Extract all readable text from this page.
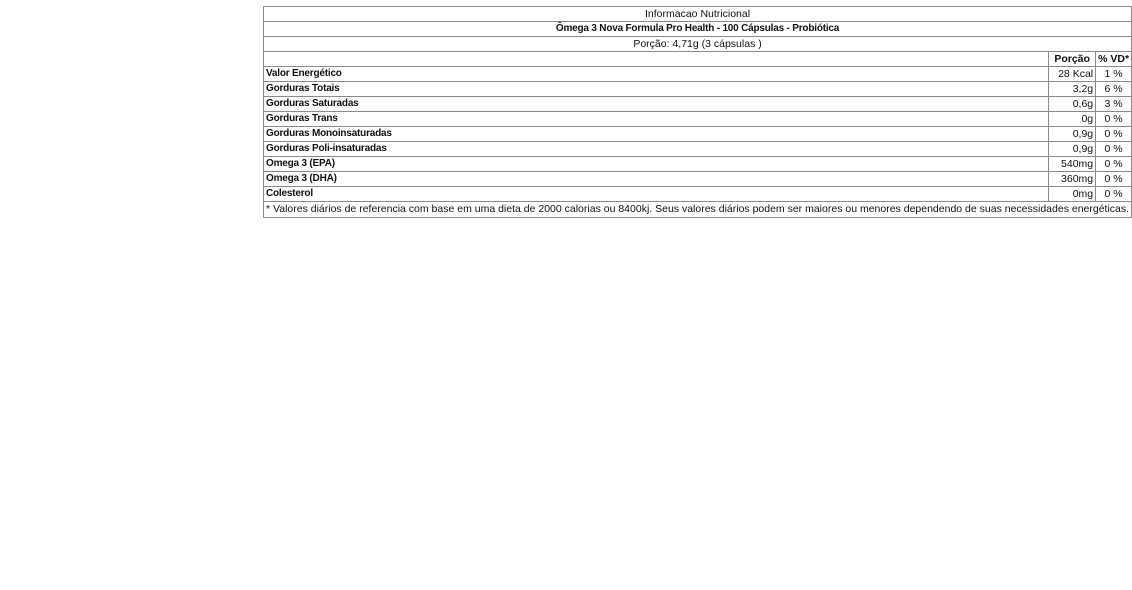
Informacao Nutricional		
Ômega 3 Nova Formula Pro Health - 100 Cápsulas - Probiótica		
Porção: 4,71g (3 cápsulas )		
	Porção	% VD*
Valor Energético	28 Kcal	1 %
Gorduras Totais	3,2g	6 %
Gorduras Saturadas	0,6g	3 %
Gorduras Trans	0g	0 %
Gorduras Monoinsaturadas	0,9g	0 %
Gorduras Poli-insaturadas	0,9g	0 %
Omega 3 (EPA)	540mg	0 %
Omega 3 (DHA)	360mg	0 %
Colesterol	0mg	0 %
* Valores diários de referencia com base em uma dieta de 2000 calorias ou 8400kj. Seus valores diários podem ser maiores ou menores dependendo de suas necessidades energéticas.		
